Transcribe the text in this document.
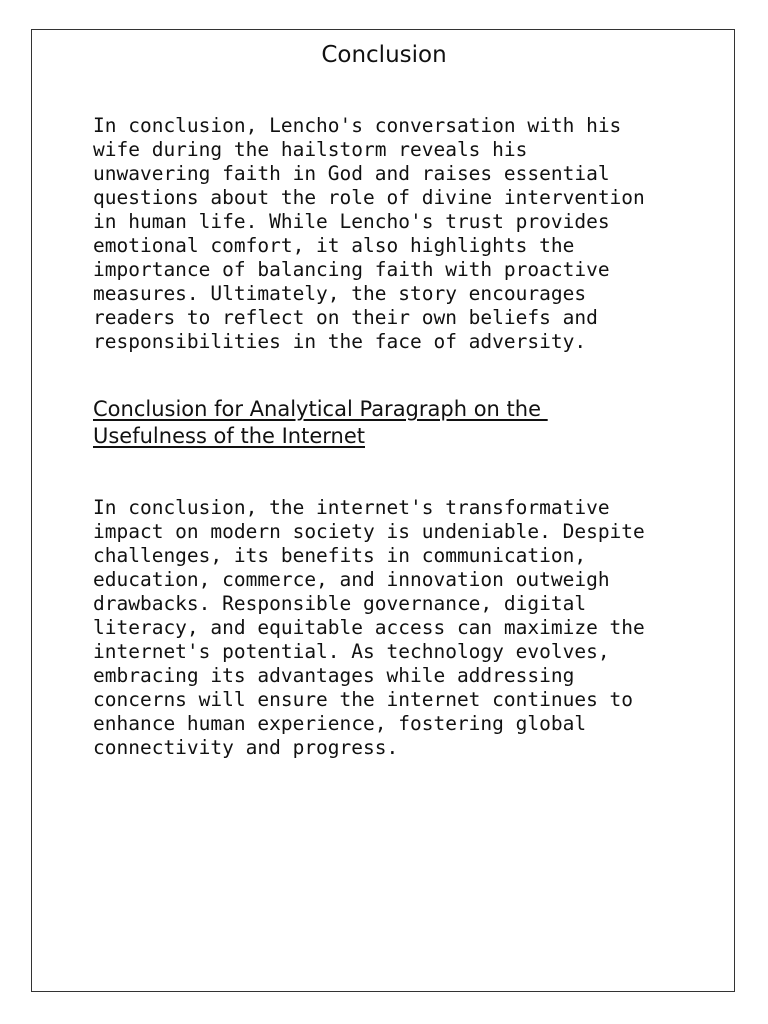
Conclusion

In conclusion, Lencho's conversation with his
wife during the hailstorm reveals his
unwavering faith in God and raises essential
questions about the role of divine intervention
in human life. While Lencho's trust provides
emotional comfort, it also highlights the
importance of balancing faith with proactive
measures. Ultimately, the story encourages
readers to reflect on their own beliefs and
responsibilities in the face of adversity.

Conclusion for Analytical Paragraph on the
Usefulness of the Internet

In conclusion, the internet's transformative
impact on modern society is undeniable. Despite
challenges, its benefits in communication,
education, commerce, and innovation outweigh
drawbacks. Responsible governance, digital
literacy, and equitable access can maximize the
internet's potential. As technology evolves,
embracing its advantages while addressing
concerns will ensure the internet continues to
enhance human experience, fostering global
connectivity and progress.
